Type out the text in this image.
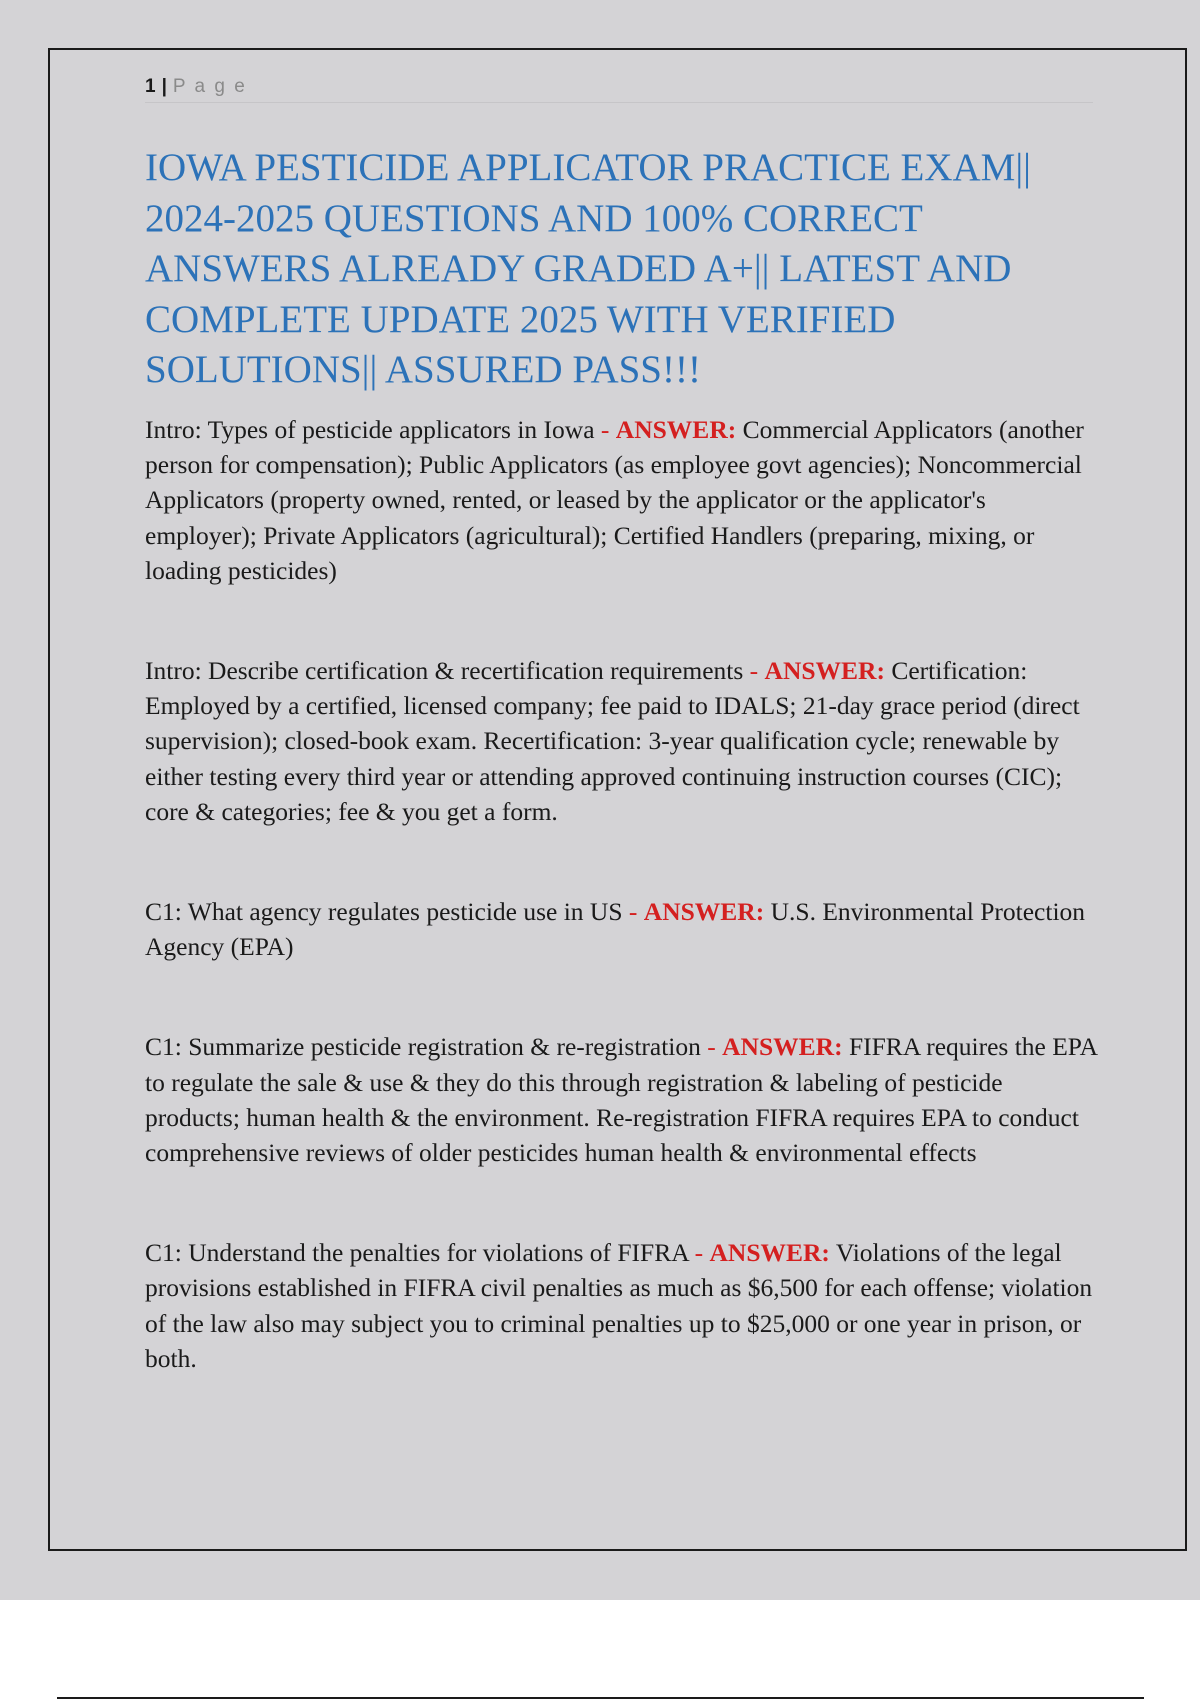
1 | P a g e
IOWA PESTICIDE APPLICATOR PRACTICE EXAM|| 2024-2025 QUESTIONS AND 100% CORRECT ANSWERS ALREADY GRADED A+|| LATEST AND COMPLETE UPDATE 2025 WITH VERIFIED SOLUTIONS|| ASSURED PASS!!!

Intro: Types of pesticide applicators in Iowa - ANSWER: Commercial Applicators (another person for compensation); Public Applicators (as employee govt agencies); Noncommercial Applicators (property owned, rented, or leased by the applicator or the applicator's employer); Private Applicators (agricultural); Certified Handlers (preparing, mixing, or loading pesticides)

Intro: Describe certification & recertification requirements - ANSWER: Certification: Employed by a certified, licensed company; fee paid to IDALS; 21-day grace period (direct supervision); closed-book exam. Recertification: 3-year qualification cycle; renewable by either testing every third year or attending approved continuing instruction courses (CIC); core & categories; fee & you get a form.

C1: What agency regulates pesticide use in US - ANSWER: U.S. Environmental Protection Agency (EPA)

C1: Summarize pesticide registration & re-registration - ANSWER: FIFRA requires the EPA to regulate the sale & use & they do this through registration & labeling of pesticide products; human health & the environment. Re-registration FIFRA requires EPA to conduct comprehensive reviews of older pesticides human health & environmental effects

C1: Understand the penalties for violations of FIFRA - ANSWER: Violations of the legal provisions established in FIFRA civil penalties as much as $6,500 for each offense; violation of the law also may subject you to criminal penalties up to $25,000 or one year in prison, or both.
